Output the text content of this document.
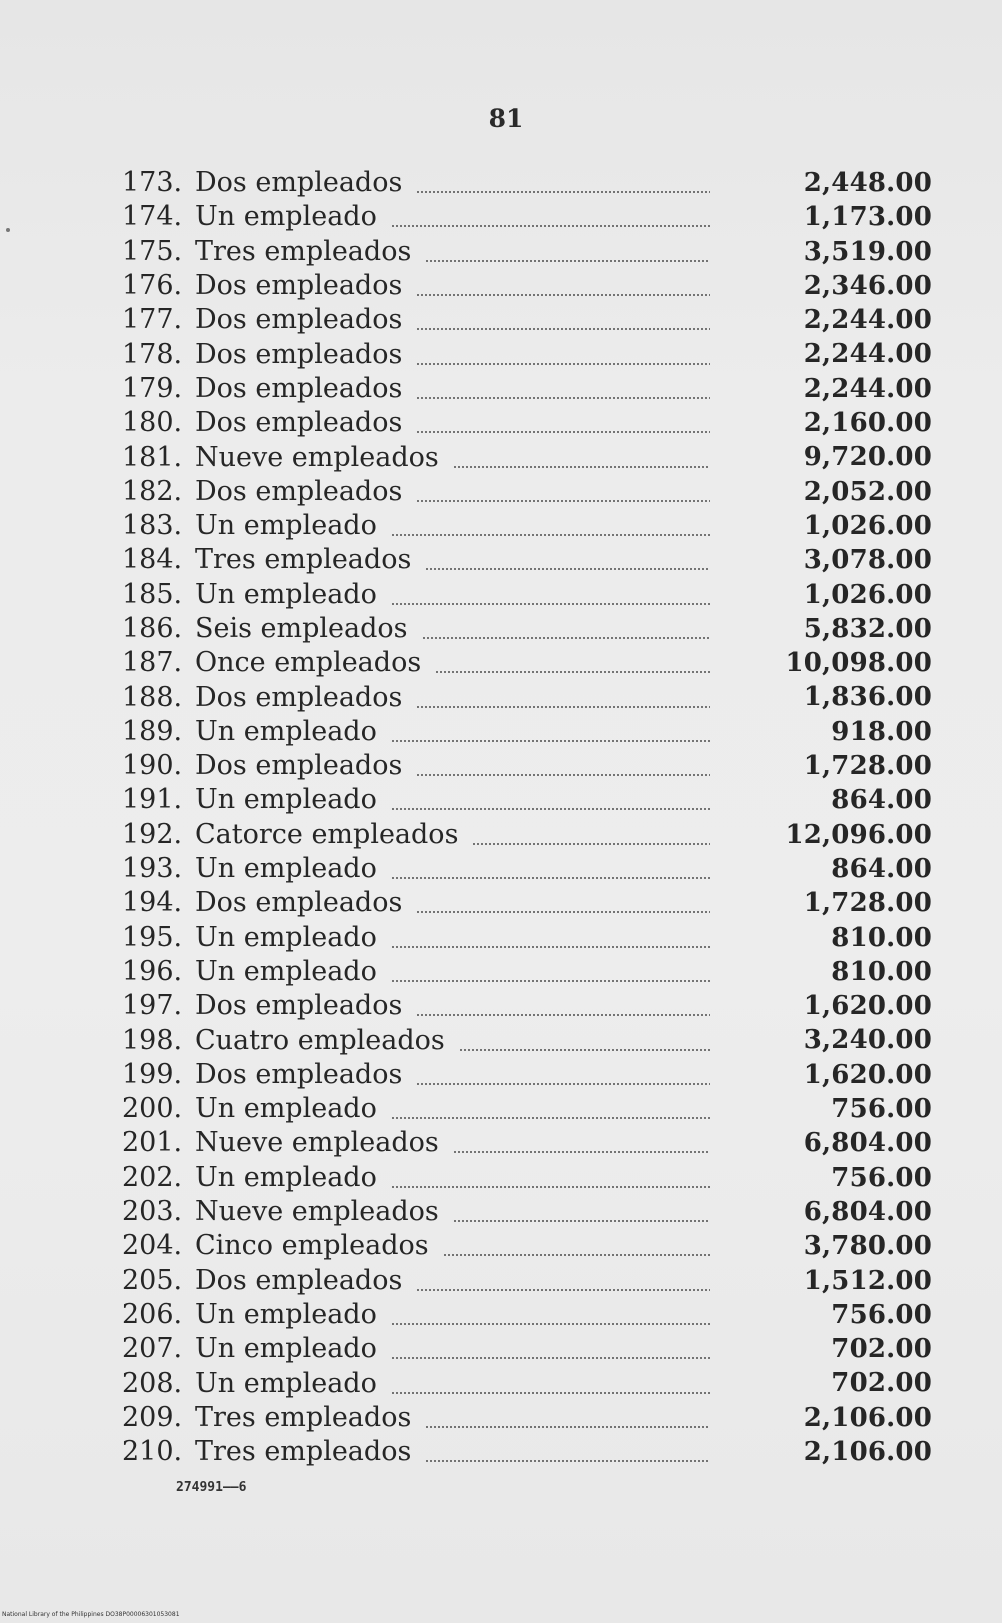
81
173. Dos empleados	2,448.00
174. Un empleado	1,173.00
175. Tres empleados	3,519.00
176. Dos empleados	2,346.00
177. Dos empleados	2,244.00
178. Dos empleados	2,244.00
179. Dos empleados	2,244.00
180. Dos empleados	2,160.00
181. Nueve empleados	9,720.00
182. Dos empleados	2,052.00
183. Un empleado	1,026.00
184. Tres empleados	3,078.00
185. Un empleado	1,026.00
186. Seis empleados	5,832.00
187. Once empleados	10,098.00
188. Dos empleados	1,836.00
189. Un empleado	918.00
190. Dos empleados	1,728.00
191. Un empleado	864.00
192. Catorce empleados	12,096.00
193. Un empleado	864.00
194. Dos empleados	1,728.00
195. Un empleado	810.00
196. Un empleado	810.00
197. Dos empleados	1,620.00
198. Cuatro empleados	3,240.00
199. Dos empleados	1,620.00
200. Un empleado	756.00
201. Nueve empleados	6,804.00
202. Un empleado	756.00
203. Nueve empleados	6,804.00
204. Cinco empleados	3,780.00
205. Dos empleados	1,512.00
206. Un empleado	756.00
207. Un empleado	702.00
208. Un empleado	702.00
209. Tres empleados	2,106.00
210. Tres empleados	2,106.00
274991——6
National Library of the Philippines DO38P00006301053081
